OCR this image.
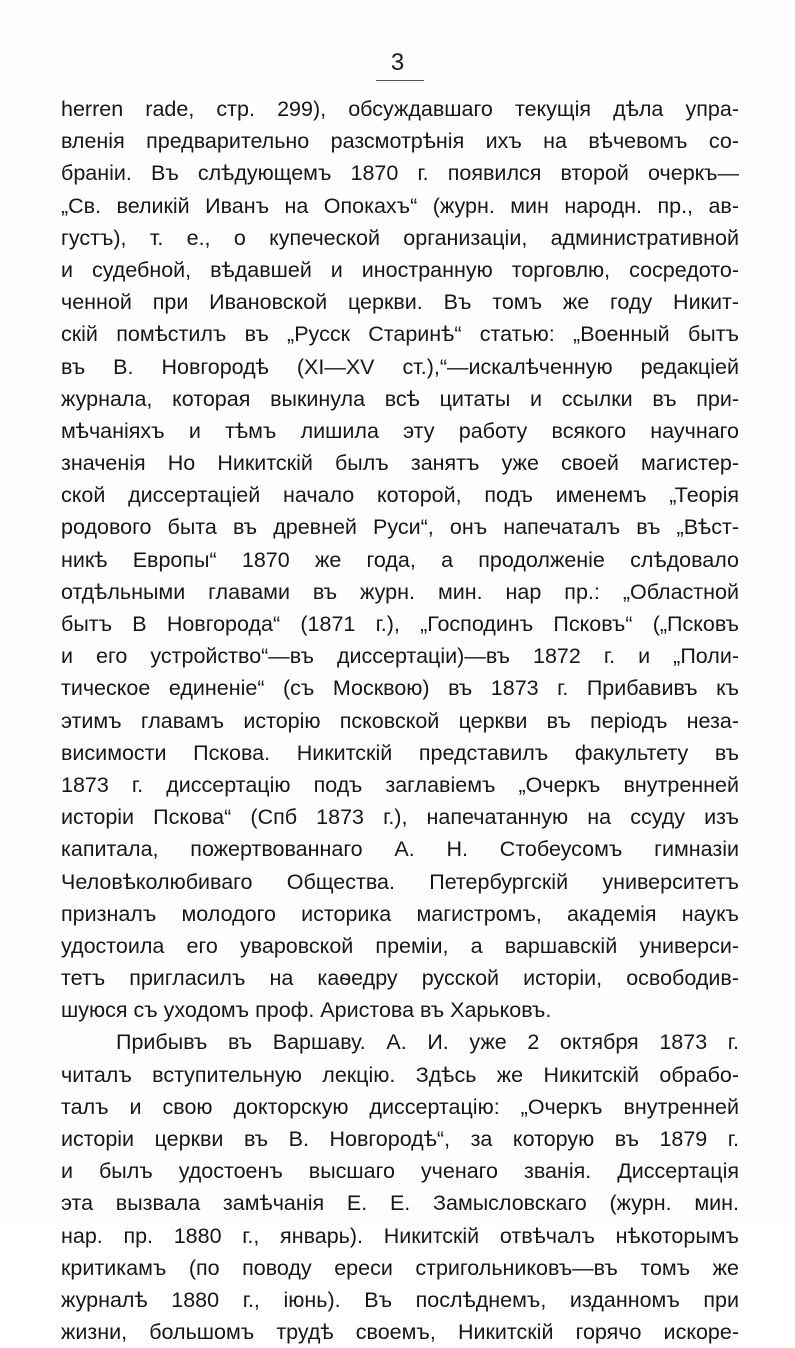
3
herren rade, стр. 299), обсуждавшаго текущія дѣла упра-
вленія предварительно разсмотрѣнія ихъ на вѣчевомъ со-
браніи. Въ слѣдующемъ 1870 г. появился второй очеркъ—
„Св. великій Иванъ на Опокахъ“ (журн. мин народн. пр., ав-
густъ), т. е., о купеческой организаціи, административной
и судебной, вѣдавшей и иностранную торговлю, сосредото-
ченной при Ивановской церкви. Въ томъ же году Никит-
скій помѣстилъ въ „Русск Старинѣ“ статью: „Военный бытъ
въ В. Новгородѣ (XI—XV ст.),“—искалѣченную редакціей
журнала, которая выкинула всѣ цитаты и ссылки въ при-
мѣчаніяхъ и тѣмъ лишила эту работу всякого научнаго
значенія Но Никитскій былъ занятъ уже своей магистер-
ской диссертаціей начало которой, подъ именемъ „Теорія
родового быта въ древней Руси“, онъ напечаталъ въ „Вѣст-
никѣ Европы“ 1870 же года, а продолженіе слѣдовало
отдѣльными главами въ журн. мин. нар пр.: „Областной
бытъ В Новгорода“ (1871 г.), „Господинъ Псковъ“ („Псковъ
и его устройство“—въ диссертаціи)—въ 1872 г. и „Поли-
тическое единеніе“ (съ Москвою) въ 1873 г. Прибавивъ къ
этимъ главамъ исторію псковской церкви въ періодъ неза-
висимости Пскова. Никитскій представилъ факультету въ
1873 г. диссертацію подъ заглавіемъ „Очеркъ внутренней
исторіи Пскова“ (Спб 1873 г.), напечатанную на ссуду изъ
капитала, пожертвованнаго А. Н. Стобеусомъ гимназіи
Человѣколюбиваго Общества. Петербургскій университетъ
призналъ молодого историка магистромъ, академія наукъ
удостоила его уваровской преміи, а варшавскій универси-
тетъ пригласилъ на каѳедру русской исторіи, освободив-
шуюся съ уходомъ проф. Аристова въ Харьковъ.
Прибывъ въ Варшаву. А. И. уже 2 октября 1873 г.
читалъ вступительную лекцію. Здѣсь же Никитскій обрабо-
талъ и свою докторскую диссертацію: „Очеркъ внутренней
исторіи церкви въ В. Новгородѣ“, за которую въ 1879 г.
и былъ удостоенъ высшаго ученаго званія. Диссертація
эта вызвала замѣчанія Е. Е. Замысловскаго (журн. мин.
нар. пр. 1880 г., январь). Никитскій отвѣчалъ нѣкоторымъ
критикамъ (по поводу ереси стригольниковъ—въ томъ же
журналѣ 1880 г., іюнь). Въ послѣднемъ, изданномъ при
жизни, большомъ трудѣ своемъ, Никитскій горячо искоре-
